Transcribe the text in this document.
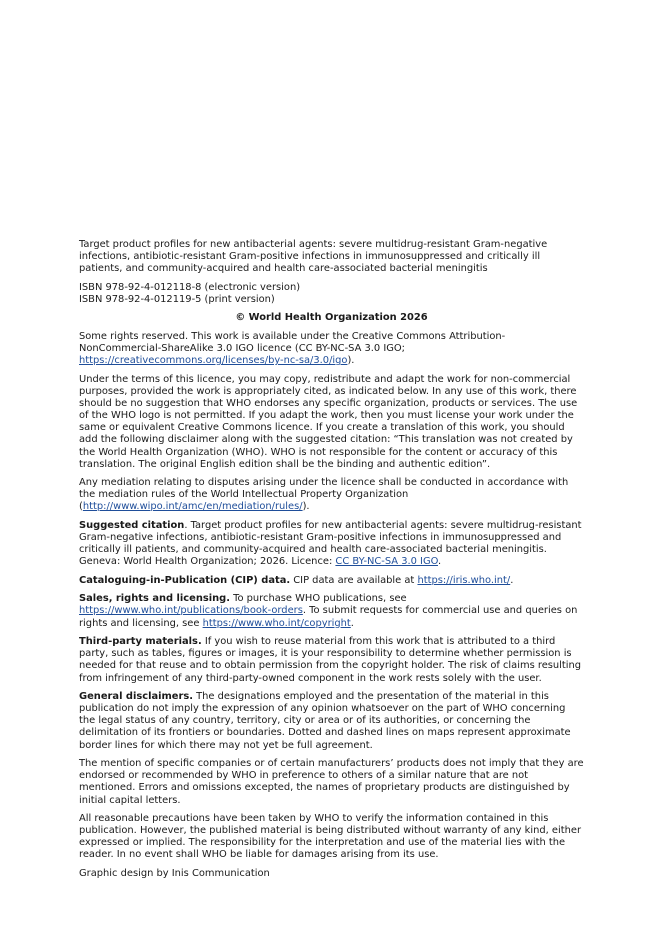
Target product profiles for new antibacterial agents: severe multidrug-resistant Gram-negative infections, antibiotic-resistant Gram-positive infections in immunosuppressed and critically ill patients, and community-acquired and health care-associated bacterial meningitis

ISBN 978-92-4-012118-8 (electronic version)
ISBN 978-92-4-012119-5 (print version)

© World Health Organization 2026

Some rights reserved. This work is available under the Creative Commons Attribution-NonCommercial-ShareAlike 3.0 IGO licence (CC BY-NC-SA 3.0 IGO; https://creativecommons.org/licenses/by-nc-sa/3.0/igo).

Under the terms of this licence, you may copy, redistribute and adapt the work for non-commercial purposes, provided the work is appropriately cited, as indicated below. In any use of this work, there should be no suggestion that WHO endorses any specific organization, products or services. The use of the WHO logo is not permitted. If you adapt the work, then you must license your work under the same or equivalent Creative Commons licence. If you create a translation of this work, you should add the following disclaimer along with the suggested citation: “This translation was not created by the World Health Organization (WHO). WHO is not responsible for the content or accuracy of this translation. The original English edition shall be the binding and authentic edition”.

Any mediation relating to disputes arising under the licence shall be conducted in accordance with the mediation rules of the World Intellectual Property Organization (http://www.wipo.int/amc/en/mediation/rules/).

Suggested citation. Target product profiles for new antibacterial agents: severe multidrug-resistant Gram-negative infections, antibiotic-resistant Gram-positive infections in immunosuppressed and critically ill patients, and community-acquired and health care-associated bacterial meningitis. Geneva: World Health Organization; 2026. Licence: CC BY-NC-SA 3.0 IGO.

Cataloguing-in-Publication (CIP) data. CIP data are available at https://iris.who.int/.

Sales, rights and licensing. To purchase WHO publications, see https://www.who.int/publications/book-orders. To submit requests for commercial use and queries on rights and licensing, see https://www.who.int/copyright.

Third-party materials. If you wish to reuse material from this work that is attributed to a third party, such as tables, figures or images, it is your responsibility to determine whether permission is needed for that reuse and to obtain permission from the copyright holder. The risk of claims resulting from infringement of any third-party-owned component in the work rests solely with the user.

General disclaimers. The designations employed and the presentation of the material in this publication do not imply the expression of any opinion whatsoever on the part of WHO concerning the legal status of any country, territory, city or area or of its authorities, or concerning the delimitation of its frontiers or boundaries. Dotted and dashed lines on maps represent approximate border lines for which there may not yet be full agreement.

The mention of specific companies or of certain manufacturers’ products does not imply that they are endorsed or recommended by WHO in preference to others of a similar nature that are not mentioned. Errors and omissions excepted, the names of proprietary products are distinguished by initial capital letters.

All reasonable precautions have been taken by WHO to verify the information contained in this publication. However, the published material is being distributed without warranty of any kind, either expressed or implied. The responsibility for the interpretation and use of the material lies with the reader. In no event shall WHO be liable for damages arising from its use.

Graphic design by Inis Communication
